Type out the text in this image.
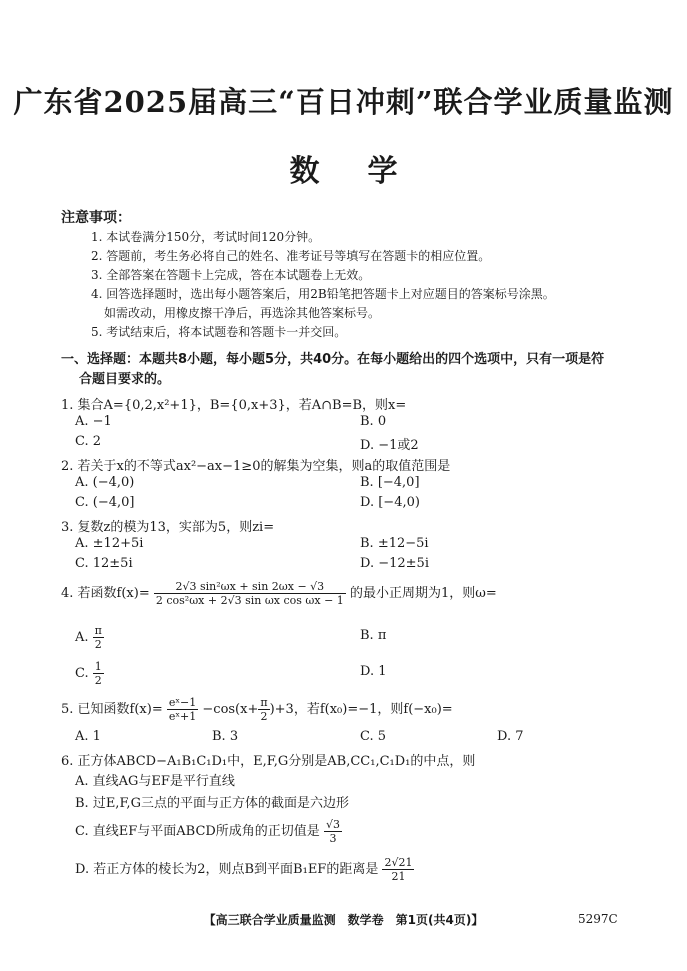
广东省2025届高三“百日冲刺”联合学业质量监测
数学
注意事项：

1. 本试卷满分150分，考试时间120分钟。

2. 答题前，考生务必将自己的姓名、准考证号等填写在答题卡的相应位置。

3. 全部答案在答题卡上完成，答在本试题卷上无效。

4. 回答选择题时，选出每小题答案后，用2B铅笔把答题卡上对应题目的答案标号涂黑。

如需改动，用橡皮擦干净后，再选涂其他答案标号。

5. 考试结束后，将本试题卷和答题卡一并交回。

一、选择题：本题共8小题，每小题5分，共40分。在每小题给出的四个选项中，只有一项是符
合题目要求的。
1. 集合A={0,2,x²+1}，B={0,x+3}，若A∩B=B，则x=
A. −1	B. 0
C. 2	D. −1或2
2. 若关于x的不等式ax²−ax−1≥0的解集为空集，则a的取值范围是
A. (−4,0)	B. [−4,0]
C. (−4,0]	D. [−4,0)
3. 复数z的模为13，实部为5，则zi=
A. ±12+5i	B. ±12−5i
C. 12±5i	D. −12±5i
4. 若函数$f(x)= \frac{\text{2√3 sin²ωx + sin 2ωx − √3}}{\text{2 cos²ωx + 2√3 sin ωx cos ωx − 1}}$ 的最小正周期为1，则ω=
A. $\frac{\pi}{2}$	B. π
C. $\frac{1}{2}$	D. 1
5. 已知函数$f(x)= \frac{\text{eˣ−1}}{\text{eˣ+1}} -\cos(x+ \frac{\pi}{2} )+3$，若f(x₀)=−1，则f(−x₀)=
A. 1	B. 3	C. 5	D. 7
6. 正方体ABCD−A₁B₁C₁D₁中，E,F,G分别是AB,CC₁,C₁D₁的中点，则
A. 直线AG与EF是平行直线
B. 过E,F,G三点的平面与正方体的截面是六边形
C. 直线EF与平面ABCD所成角的正切值是 $\frac{√3}{3}$
D. 若正方体的棱长为2，则点B到平面B₁EF的距离是 $\frac{2√21}{21}$
【高三联合学业质量监测　数学卷　第1页(共4页)】	5297C
